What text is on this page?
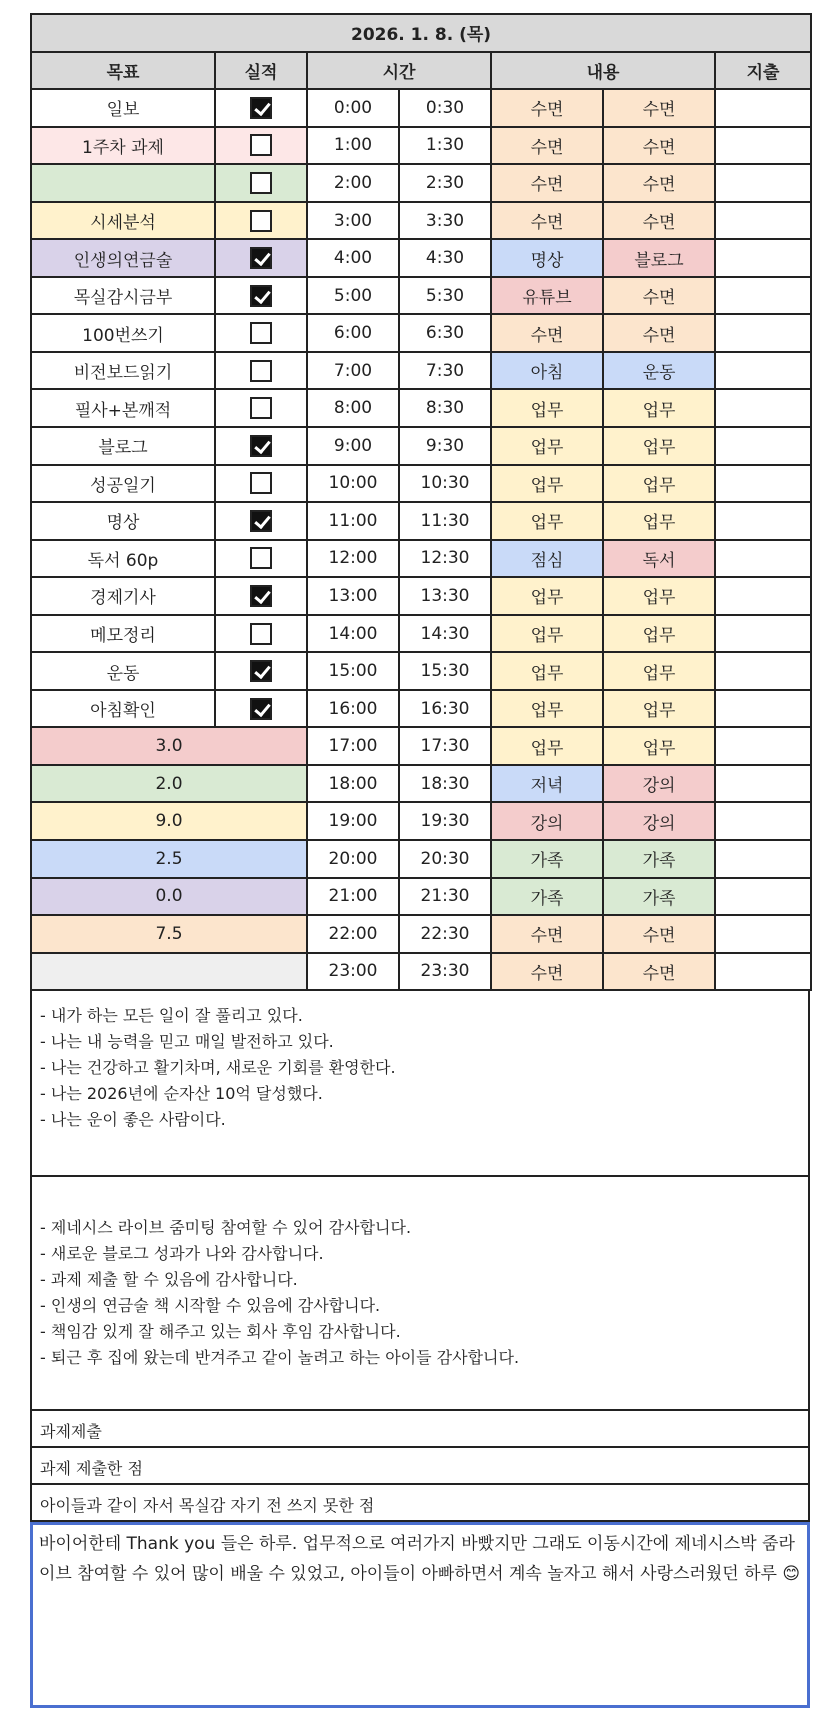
2026. 1. 8. (목)						
목표	실적	시간		내용		지출
일보		0:00	0:30	수면	수면	
1주차 과제		1:00	1:30	수면	수면	
		2:00	2:30	수면	수면	
시세분석		3:00	3:30	수면	수면	
인생의연금술		4:00	4:30	명상	블로그	
목실감시금부		5:00	5:30	유튜브	수면	
100번쓰기		6:00	6:30	수면	수면	
비전보드읽기		7:00	7:30	아침	운동	
필사+본깨적		8:00	8:30	업무	업무	
블로그		9:00	9:30	업무	업무	
성공일기		10:00	10:30	업무	업무	
명상		11:00	11:30	업무	업무	
독서 60p		12:00	12:30	점심	독서	
경제기사		13:00	13:30	업무	업무	
메모정리		14:00	14:30	업무	업무	
운동		15:00	15:30	업무	업무	
아침확인		16:00	16:30	업무	업무	
3.0		17:00	17:30	업무	업무	
2.0		18:00	18:30	저녁	강의	
9.0		19:00	19:30	강의	강의	
2.5		20:00	20:30	가족	가족	
0.0		21:00	21:30	가족	가족	
7.5		22:00	22:30	수면	수면	
		23:00	23:30	수면	수면	
- 내가 하는 모든 일이 잘 풀리고 있다.
- 나는 내 능력을 믿고 매일 발전하고 있다.
- 나는 건강하고 활기차며, 새로운 기회를 환영한다.
- 나는 2026년에 순자산 10억 달성했다.
- 나는 운이 좋은 사람이다.
- 제네시스 라이브 줌미팅 참여할 수 있어 감사합니다.
- 새로운 블로그 성과가 나와 감사합니다.
- 과제 제출 할 수 있음에 감사합니다.
- 인생의 연금술 책 시작할 수 있음에 감사합니다.
- 책임감 있게 잘 해주고 있는 회사 후임 감사합니다.
- 퇴근 후 집에 왔는데 반겨주고 같이 놀려고 하는 아이들 감사합니다.
과제제출
과제 제출한 점
아이들과 같이 자서 목실감 자기 전 쓰지 못한 점
바이어한테 Thank you 들은 하루. 업무적으로 여러가지 바빴지만 그래도 이동시간에 제네시스박 줌라이브 참여할 수 있어 많이 배울 수 있었고, 아이들이 아빠하면서 계속 놀자고 해서 사랑스러웠던 하루 😊
